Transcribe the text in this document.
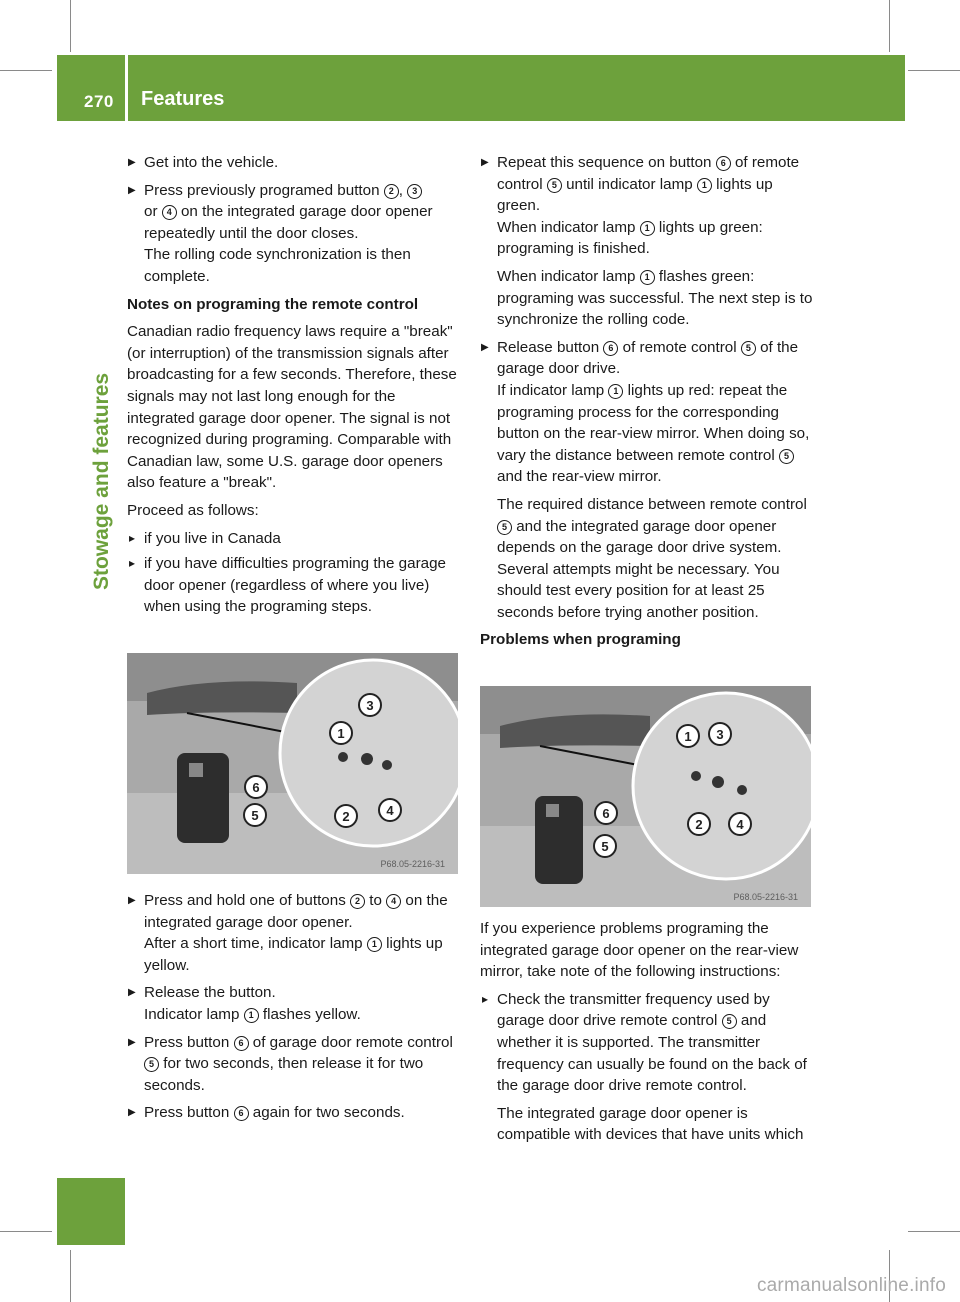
270 Features
Stowage and features
▶ Get into the vehicle.
▶ Press previously programed button 2 , 3
or 4 on the integrated garage door opener repeatedly until the door closes.
The rolling code synchronization is then complete.
Notes on programing the remote control
Canadian radio frequency laws require a "break" (or interruption) of the transmission signals after broadcasting for a few seconds. Therefore, these signals may not last long enough for the integrated garage door opener. The signal is not recognized during programing. Comparable with Canadian law, some U.S. garage door openers also feature a "break".
Proceed as follows:
▸ if you live in Canada
▸ if you have difficulties programing the garage door opener (regardless of where you live) when using the programing steps.
1
3
2	4
6
5
P68.05-2216-31
▶ Press and hold one of buttons 2 to 4 on the integrated garage door opener.
After a short time, indicator lamp 1 lights up yellow.
▶ Release the button.
Indicator lamp 1 flashes yellow.
▶ Press button 6 of garage door remote control 5 for two seconds, then release it for two seconds.
▶ Press button 6 again for two seconds.
▶ Repeat this sequence on button 6 of remote control 5 until indicator lamp 1 lights up green.
When indicator lamp 1 lights up green: programing is finished.
When indicator lamp 1 flashes green: programing was successful. The next step is to synchronize the rolling code.
▶ Release button 6 of remote control 5 of the garage door drive.
If indicator lamp 1 lights up red: repeat the programing process for the corresponding button on the rear-view mirror. When doing so, vary the distance between remote control 5 and the rear-view mirror.
The required distance between remote control 5 and the integrated garage door opener depends on the garage door drive system. Several attempts might be necessary. You should test every position for at least 25 seconds before trying another position.
Problems when programing
1 3
2	4
6
5
P68.05-2216-31
If you experience problems programing the integrated garage door opener on the rear-view mirror, take note of the following instructions:
▸ Check the transmitter frequency used by garage door drive remote control 5 and whether it is supported. The transmitter frequency can usually be found on the back of the garage door drive remote control.
The integrated garage door opener is compatible with devices that have units which
carmanualsonline.info
